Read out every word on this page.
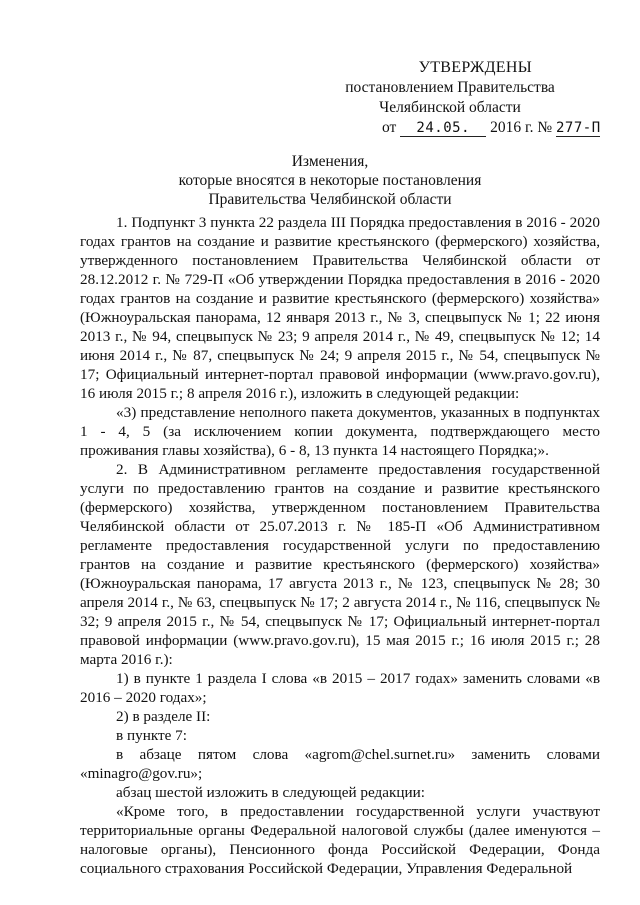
УТВЕРЖДЕНЫ
постановлением Правительства
Челябинской области
от 24.05. 2016 г. № 277-П
Изменения,
которые вносятся в некоторые постановления
Правительства Челябинской области

1. Подпункт 3 пункта 22 раздела III Порядка предоставления в 2016 - 2020 годах грантов на создание и развитие крестьянского (фермерского) хозяйства, утвержденного постановлением Правительства Челябинской области от 28.12.2012 г. № 729-П «Об утверждении Порядка предоставления в 2016 - 2020 годах грантов на создание и развитие крестьянского (фермерского) хозяйства» (Южноуральская панорама, 12 января 2013 г., № 3, спецвыпуск № 1; 22 июня 2013 г., № 94, спецвыпуск № 23; 9 апреля 2014 г., № 49, спецвыпуск № 12; 14 июня 2014 г., № 87, спецвыпуск № 24; 9 апреля 2015 г., № 54, спецвыпуск № 17; Официальный интернет-портал правовой информации (www.pravo.gov.ru), 16 июля 2015 г.; 8 апреля 2016 г.), изложить в следующей редакции:

«3) представление неполного пакета документов, указанных в подпунктах 1 - 4, 5 (за исключением копии документа, подтверждающего место проживания главы хозяйства), 6 - 8, 13 пункта 14 настоящего Порядка;».

2. В Административном регламенте предоставления государственной услуги по предоставлению грантов на создание и развитие крестьянского (фермерского) хозяйства, утвержденном постановлением Правительства Челябинской области от 25.07.2013 г. № 185-П «Об Административном регламенте предоставления государственной услуги по предоставлению грантов на создание и развитие крестьянского (фермерского) хозяйства» (Южноуральская панорама, 17 августа 2013 г., № 123, спецвыпуск № 28; 30 апреля 2014 г., № 63, спецвыпуск № 17; 2 августа 2014 г., № 116, спецвыпуск № 32; 9 апреля 2015 г., № 54, спецвыпуск № 17; Официальный интернет-портал правовой информации (www.pravo.gov.ru), 15 мая 2015 г.; 16 июля 2015 г.; 28 марта 2016 г.):

1) в пункте 1 раздела I слова «в 2015 – 2017 годах» заменить словами «в 2016 – 2020 годах»;

2) в разделе II:

в пункте 7:

в абзаце пятом слова «agrom@chel.surnet.ru» заменить словами «minagro@gov.ru»;

абзац шестой изложить в следующей редакции:

«Кроме того, в предоставлении государственной услуги участвуют территориальные органы Федеральной налоговой службы (далее именуются – налоговые органы), Пенсионного фонда Российской Федерации, Фонда социального страхования Российской Федерации, Управления Федеральной
